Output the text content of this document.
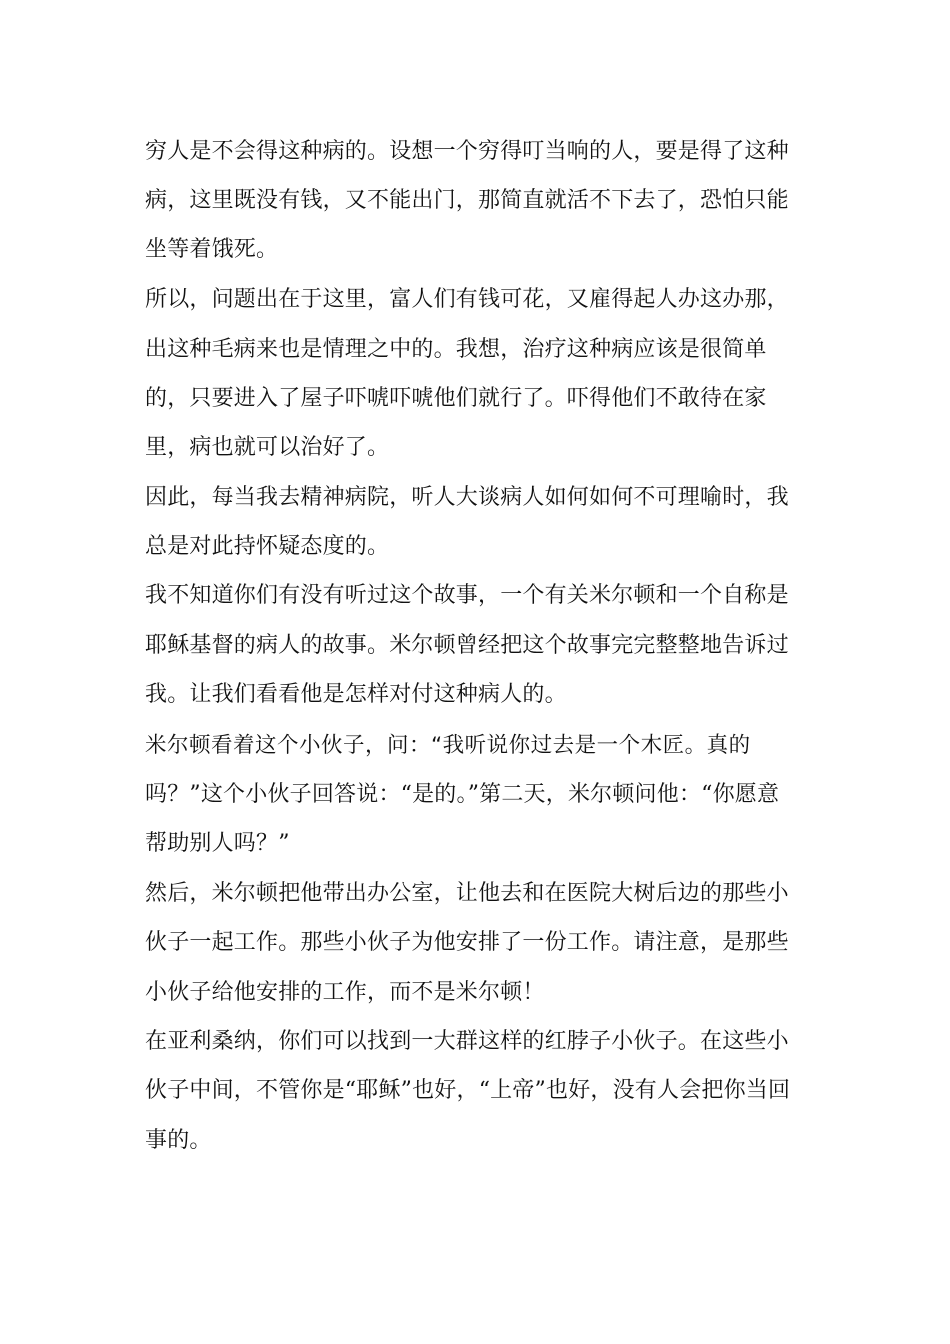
穷人是不会得这种病的。设想一个穷得叮当响的人，要是得了这种
病，这里既没有钱，又不能出门，那简直就活不下去了，恐怕只能
坐等着饿死。
所以，问题出在于这里，富人们有钱可花，又雇得起人办这办那，
出这种毛病来也是情理之中的。我想，治疗这种病应该是很简单
的，只要进入了屋子吓唬吓唬他们就行了。吓得他们不敢待在家
里，病也就可以治好了。
因此，每当我去精神病院，听人大谈病人如何如何不可理喻时，我
总是对此持怀疑态度的。
我不知道你们有没有听过这个故事，一个有关米尔顿和一个自称是
耶稣基督的病人的故事。米尔顿曾经把这个故事完完整整地告诉过
我。让我们看看他是怎样对付这种病人的。
米尔顿看着这个小伙子，问：“我听说你过去是一个木匠。真的
吗？”这个小伙子回答说：“是的。”第二天，米尔顿问他：“你愿意
帮助别人吗？”
然后，米尔顿把他带出办公室，让他去和在医院大树后边的那些小
伙子一起工作。那些小伙子为他安排了一份工作。请注意，是那些
小伙子给他安排的工作，而不是米尔顿！
在亚利桑纳，你们可以找到一大群这样的红脖子小伙子。在这些小
伙子中间，不管你是“耶稣”也好，“上帝”也好，没有人会把你当回
事的。
